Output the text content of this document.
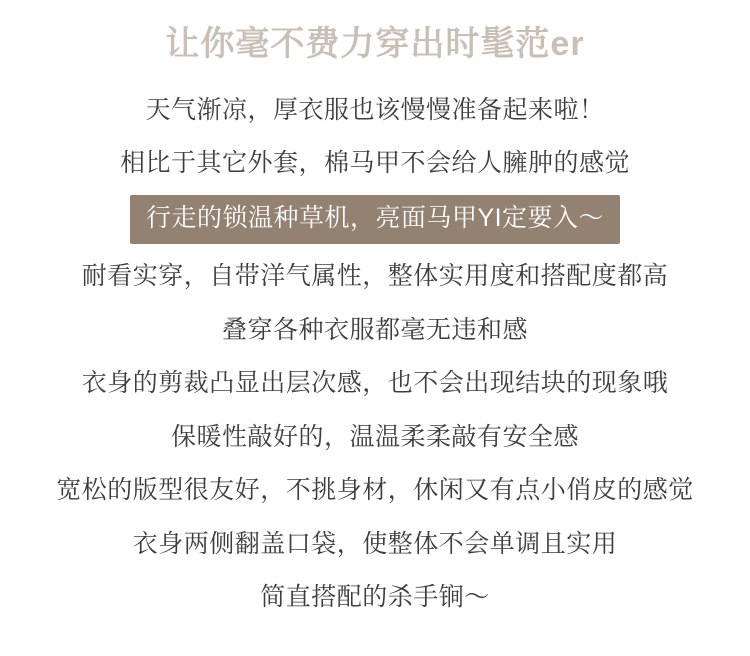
让你毫不费力穿出时髦范er

天气渐凉，厚衣服也该慢慢准备起来啦！

相比于其它外套，棉马甲不会给人臃肿的感觉

行走的锁温种草机，亮面马甲YI定要入～

耐看实穿，自带洋气属性，整体实用度和搭配度都高

叠穿各种衣服都毫无违和感

衣身的剪裁凸显出层次感，也不会出现结块的现象哦

保暖性敲好的，温温柔柔敲有安全感

宽松的版型很友好，不挑身材，休闲又有点小俏皮的感觉

衣身两侧翻盖口袋，使整体不会单调且实用

简直搭配的杀手锏～
